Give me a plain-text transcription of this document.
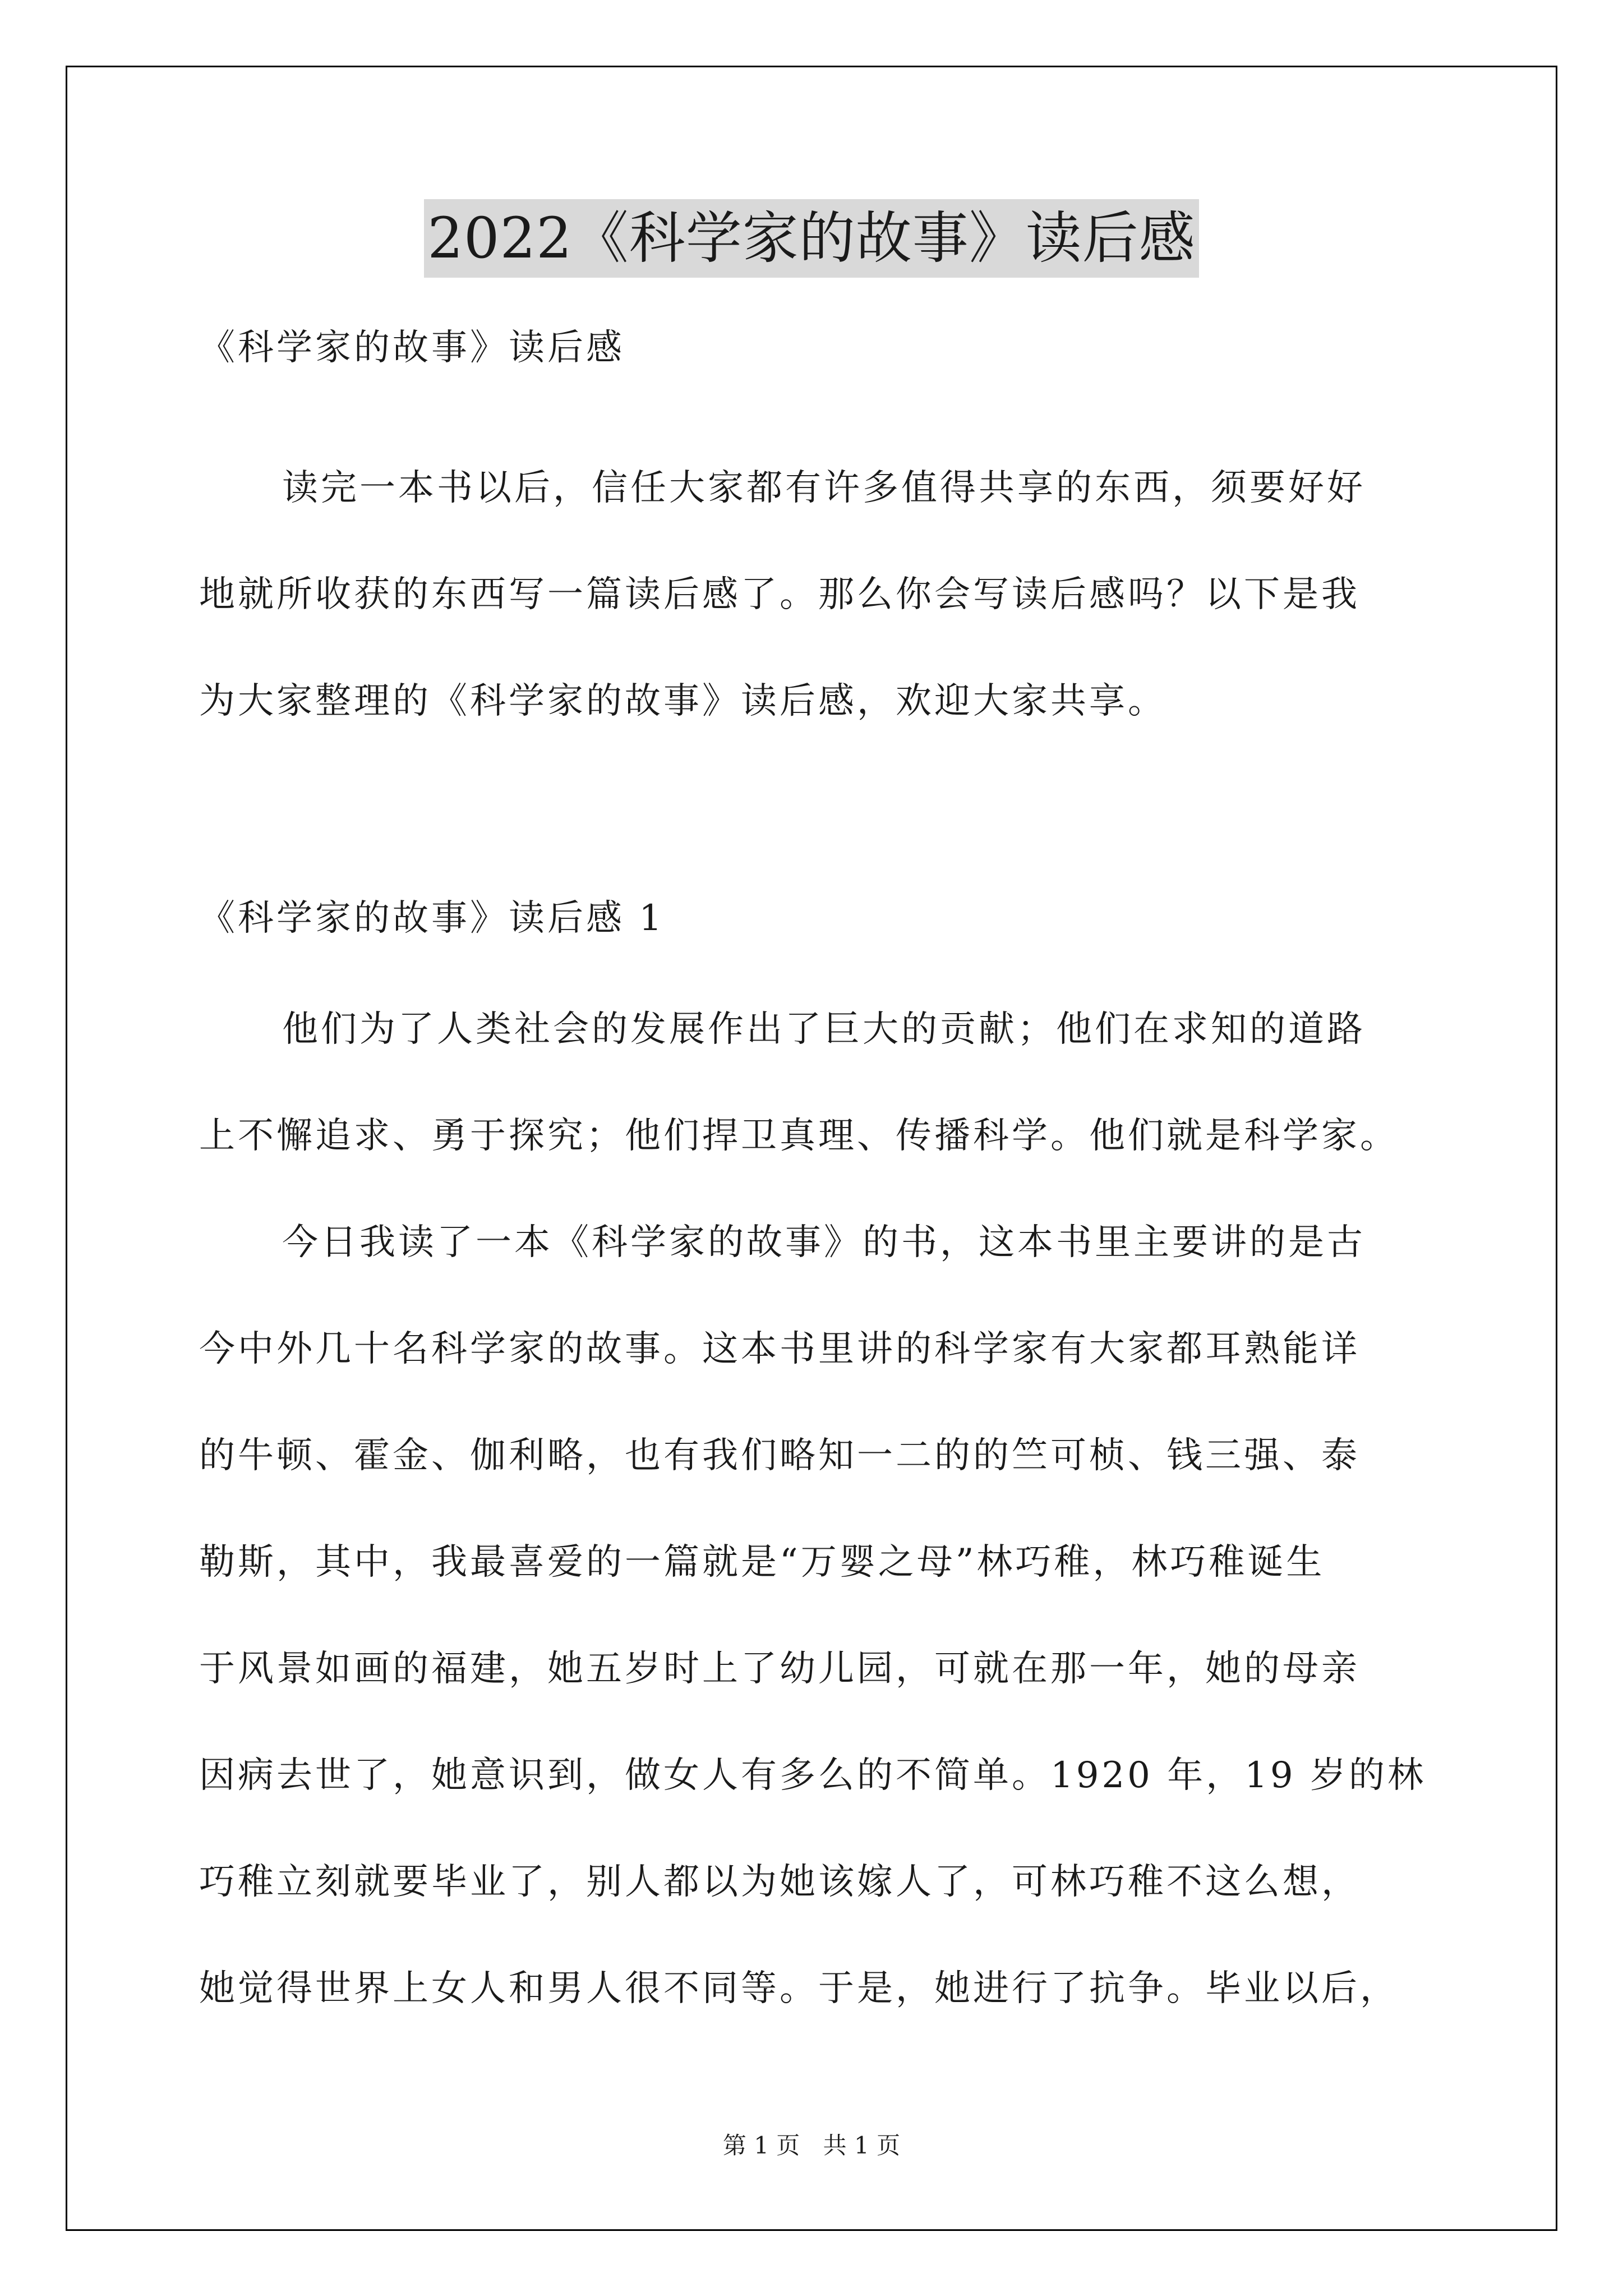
2022《科学家的故事》读后感
《科学家的故事》读后感
读完一本书以后，信任大家都有许多值得共享的东西，须要好好
地就所收获的东西写一篇读后感了。那么你会写读后感吗？以下是我
为大家整理的《科学家的故事》读后感，欢迎大家共享。
《科学家的故事》读后感 1
他们为了人类社会的发展作出了巨大的贡献；他们在求知的道路
上不懈追求、勇于探究；他们捍卫真理、传播科学。他们就是科学家。
今日我读了一本《科学家的故事》的书，这本书里主要讲的是古
今中外几十名科学家的故事。这本书里讲的科学家有大家都耳熟能详
的牛顿、霍金、伽利略，也有我们略知一二的的竺可桢、钱三强、泰
勒斯，其中，我最喜爱的一篇就是“万婴之母”林巧稚，林巧稚诞生
于风景如画的福建，她五岁时上了幼儿园，可就在那一年，她的母亲
因病去世了，她意识到，做女人有多么的不简单。1920 年，19 岁的林
巧稚立刻就要毕业了，别人都以为她该嫁人了，可林巧稚不这么想，
她觉得世界上女人和男人很不同等。于是，她进行了抗争。毕业以后，
第 1 页 共 1 页
